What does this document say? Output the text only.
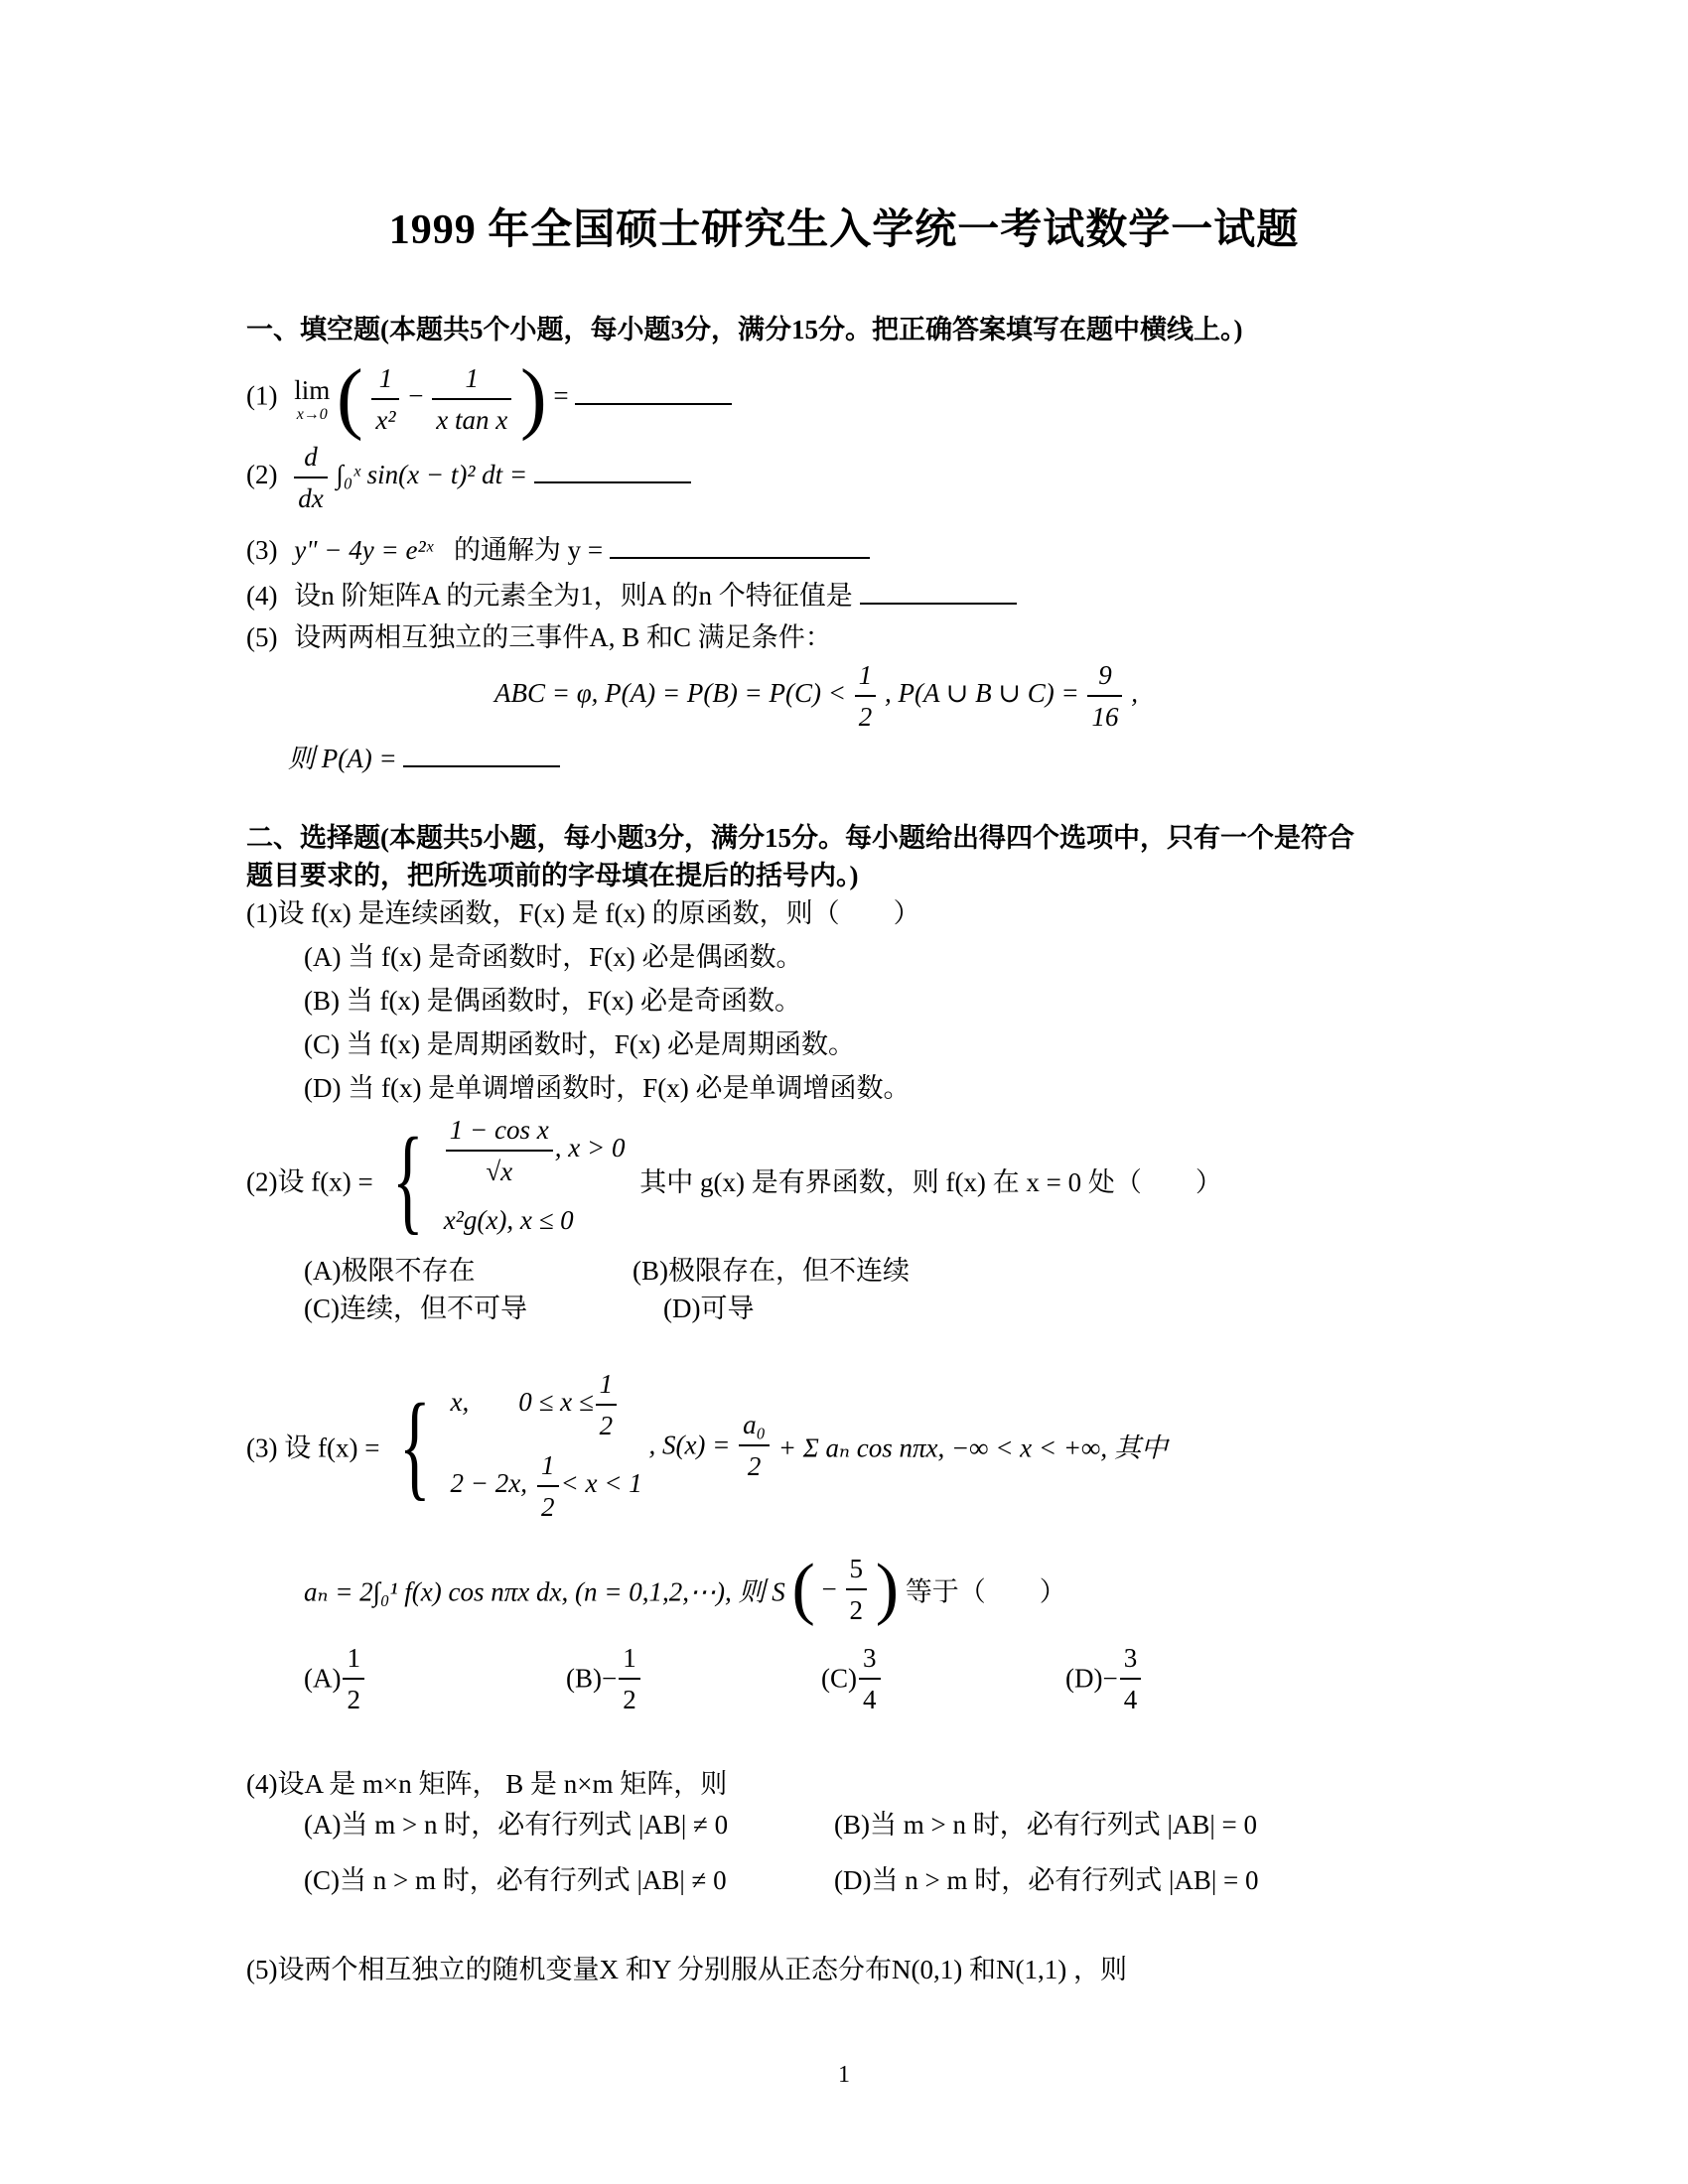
1999 年全国硕士研究生入学统一考试数学一试题
一、填空题(本题共5个小题，每小题3分，满分15分。把正确答案填写在题中横线上。)
(1) lim
x→0 ( $\frac{1}{\text{x²}} - \frac{1}{\text{x tan x}}$ ) =
$(2) \frac{d}{dx}$ ∫₀ˣ sin(x − t)² dt =
(3) y" − 4y = e²ˣ 的通解为 y =
(4) 设n 阶矩阵A 的元素全为1，则A 的n 个特征值是
(5) 设两两相互独立的三事件A, B 和C 满足条件：
ABC = φ, $P(A) = P(B) = P(C) < \frac{1}{2}$ , P(A ∪ B ∪ $C) = \frac{9}{16}$ ,
则 P(A) =
二、选择题(本题共5小题，每小题3分，满分15分。每小题给出得四个选项中，只有一个是符合
题目要求的，把所选项前的字母填在提后的括号内。)
(1)设 f(x) 是连续函数，F(x) 是 f(x) 的原函数，则（　　）
(A) 当 f(x) 是奇函数时，F(x) 必是偶函数。
(B) 当 f(x) 是偶函数时，F(x) 必是奇函数。
(C) 当 f(x) 是周期函数时，F(x) 必是周期函数。
(D) 当 f(x) 是单调增函数时，F(x) 必是单调增函数。
(2)设 f(x) = { $\frac{\text{1 − cos x}}{√x}$ , x > 0
x²g(x), x ≤ 0
其中 g(x) 是有界函数，则 f(x) 在 x = 0 处（　　）
(A)极限不存在	(B)极限存在，但不连续
(C)连续，但不可导	(D)可导
(3) 设 f(x) = { x, $0 \le x \le \frac{1}{2}$
2 − 2x, $\frac{1}{2} < x < 1$
, $S(x) = \frac{\text{a₀}}{2} + \Sigma$ aₙ cos nπx, −∞ < x < +∞, 其中
aₙ = 2∫₀¹ f(x) cos nπx dx, (n = 0,1,2,⋯), 则 S ( − $\frac{5}{2}$ ) 等于（　　）
$(A) \frac{1}{2}$	$(B)- \frac{1}{2}$	$(C) \frac{3}{4}$	$(D)- \frac{3}{4}$
(4)设A 是 m×n 矩阵， B 是 n×m 矩阵，则
(A)当 m > n 时，必有行列式 |AB| ≠ 0	(B)当 m > n 时，必有行列式 |AB| = 0
(C)当 n > m 时，必有行列式 |AB| ≠ 0	(D)当 n > m 时，必有行列式 |AB| = 0
(5)设两个相互独立的随机变量X 和Y 分别服从正态分布N(0,1) 和N(1,1) ，则
1
